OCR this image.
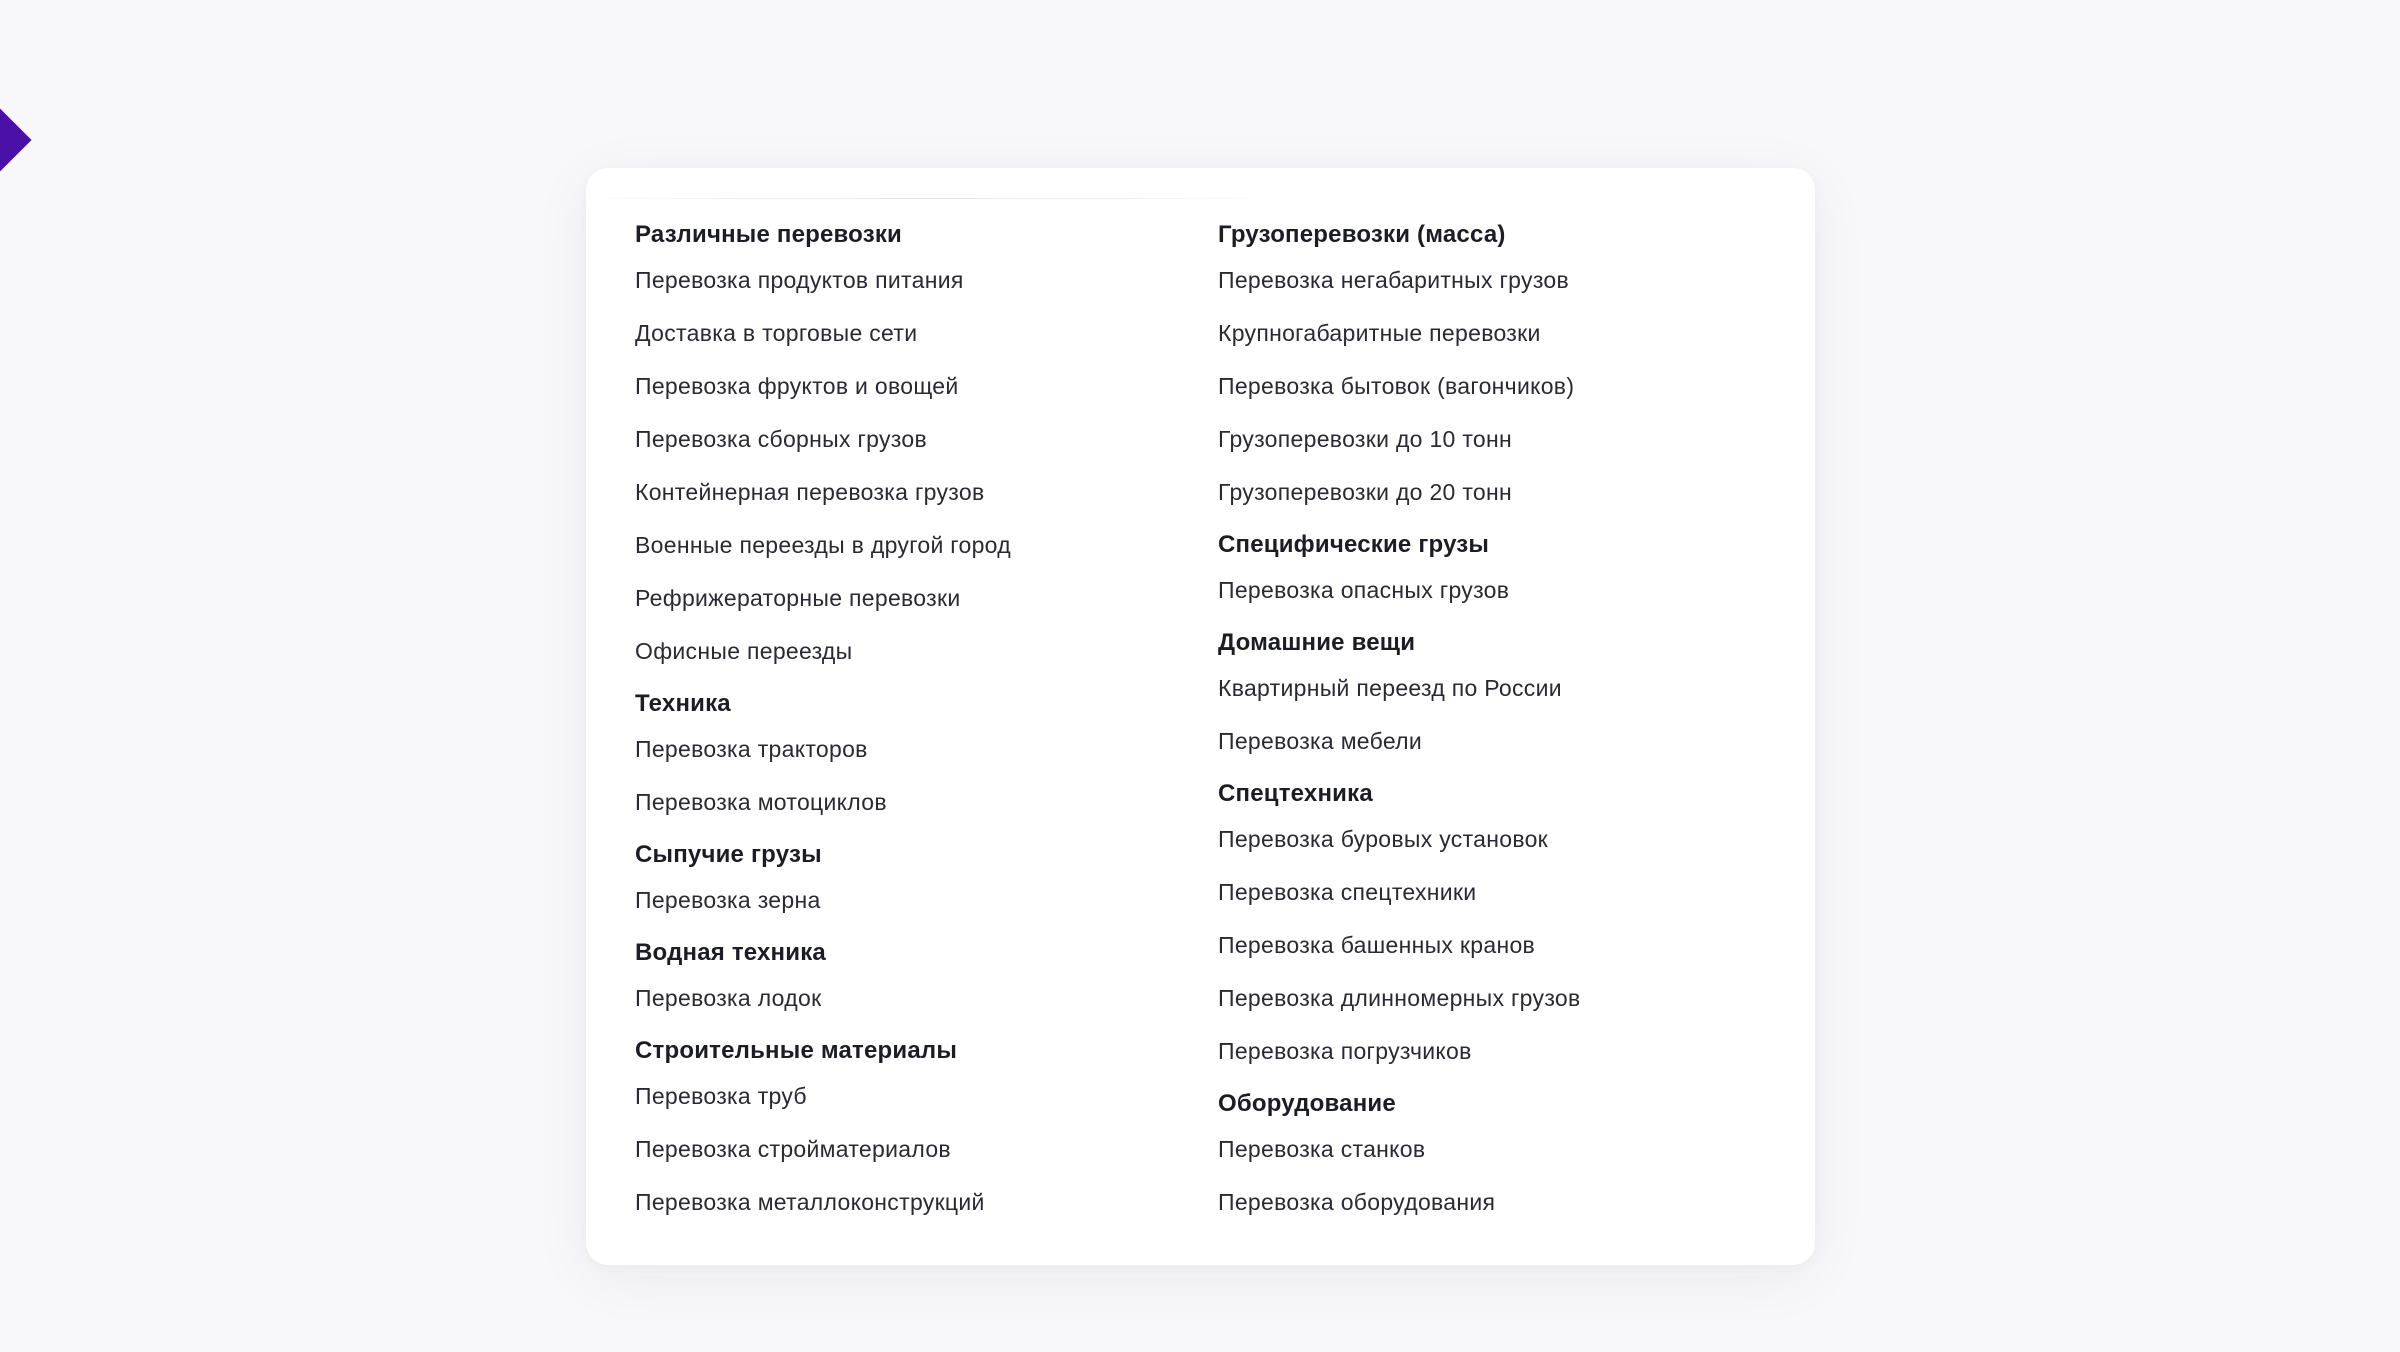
Различные перевозки
Перевозка продуктов питания
Доставка в торговые сети
Перевозка фруктов и овощей
Перевозка сборных грузов
Контейнерная перевозка грузов
Военные переезды в другой город
Рефрижераторные перевозки
Офисные переезды
Техника
Перевозка тракторов
Перевозка мотоциклов
Сыпучие грузы
Перевозка зерна
Водная техника
Перевозка лодок
Строительные материалы
Перевозка труб
Перевозка стройматериалов
Перевозка металлоконструкций
Грузоперевозки (масса)
Перевозка негабаритных грузов
Крупногабаритные перевозки
Перевозка бытовок (вагончиков)
Грузоперевозки до 10 тонн
Грузоперевозки до 20 тонн
Специфические грузы
Перевозка опасных грузов
Домашние вещи
Квартирный переезд по России
Перевозка мебели
Спецтехника
Перевозка буровых установок
Перевозка спецтехники
Перевозка башенных кранов
Перевозка длинномерных грузов
Перевозка погрузчиков
Оборудование
Перевозка станков
Перевозка оборудования
